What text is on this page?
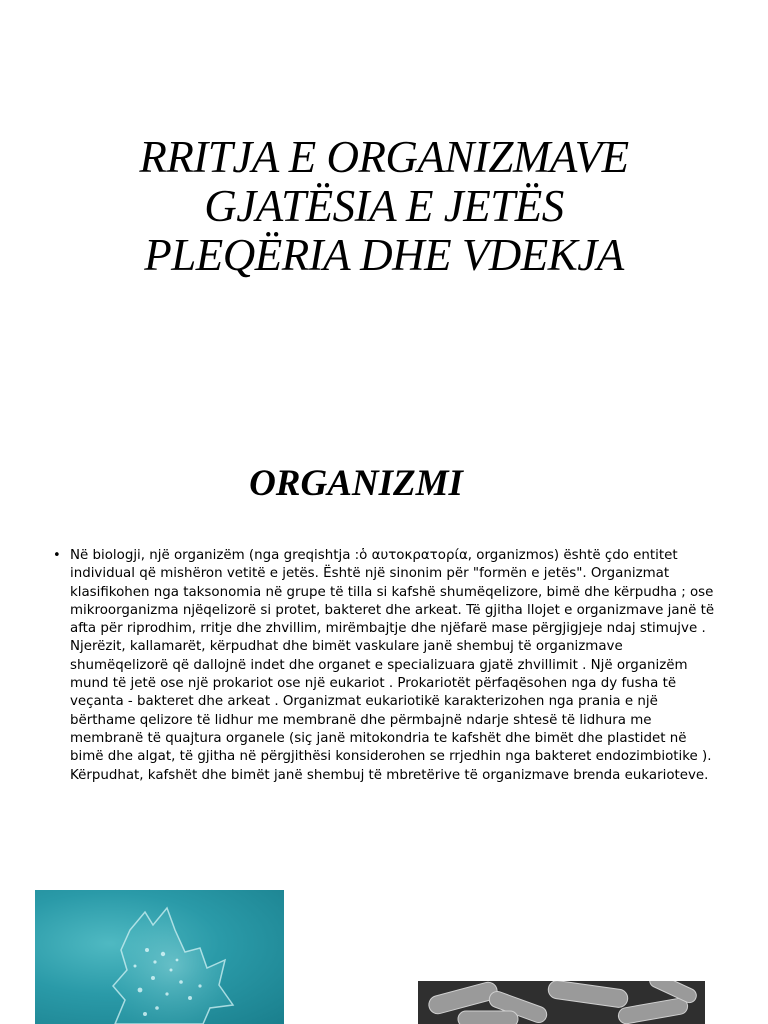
RRITJA E ORGANIZMAVE
GJATËSIA E JETËS
PLEQËRIA DHE VDEKJA
ORGANIZMI
• Në biologji, një organizëm (nga greqishtja :ὁ αυτοκρατορία, organizmos) është çdo entitet individual që mishëron vetitë e jetës. Është një sinonim për "formën e jetës". Organizmat klasifikohen nga taksonomia në grupe të tilla si kafshë shumëqelizore, bimë dhe kërpudha ; ose mikroorganizma njëqelizorë si protet, bakteret dhe arkeat. Të gjitha llojet e organizmave janë të afta për riprodhim, rritje dhe zhvillim, mirëmbajtje dhe njëfarë mase përgjigjeje ndaj stimujve . Njerëzit, kallamarët, kërpudhat dhe bimët vaskulare janë shembuj të organizmave shumëqelizorë që dallojnë indet dhe organet e specializuara gjatë zhvillimit . Një organizëm mund të jetë ose një prokariot ose një eukariot . Prokariotët përfaqësohen nga dy fusha të veçanta - bakteret dhe arkeat . Organizmat eukariotikë karakterizohen nga prania e një bërthame qelizore të lidhur me membranë dhe përmbajnë ndarje shtesë të lidhura me membranë të quajtura organele (siç janë mitokondria te kafshët dhe bimët dhe plastidet në bimë dhe algat, të gjitha në përgjithësi konsiderohen se rrjedhin nga bakteret endozimbiotike ). Kërpudhat, kafshët dhe bimët janë shembuj të mbretërive të organizmave brenda eukarioteve.
